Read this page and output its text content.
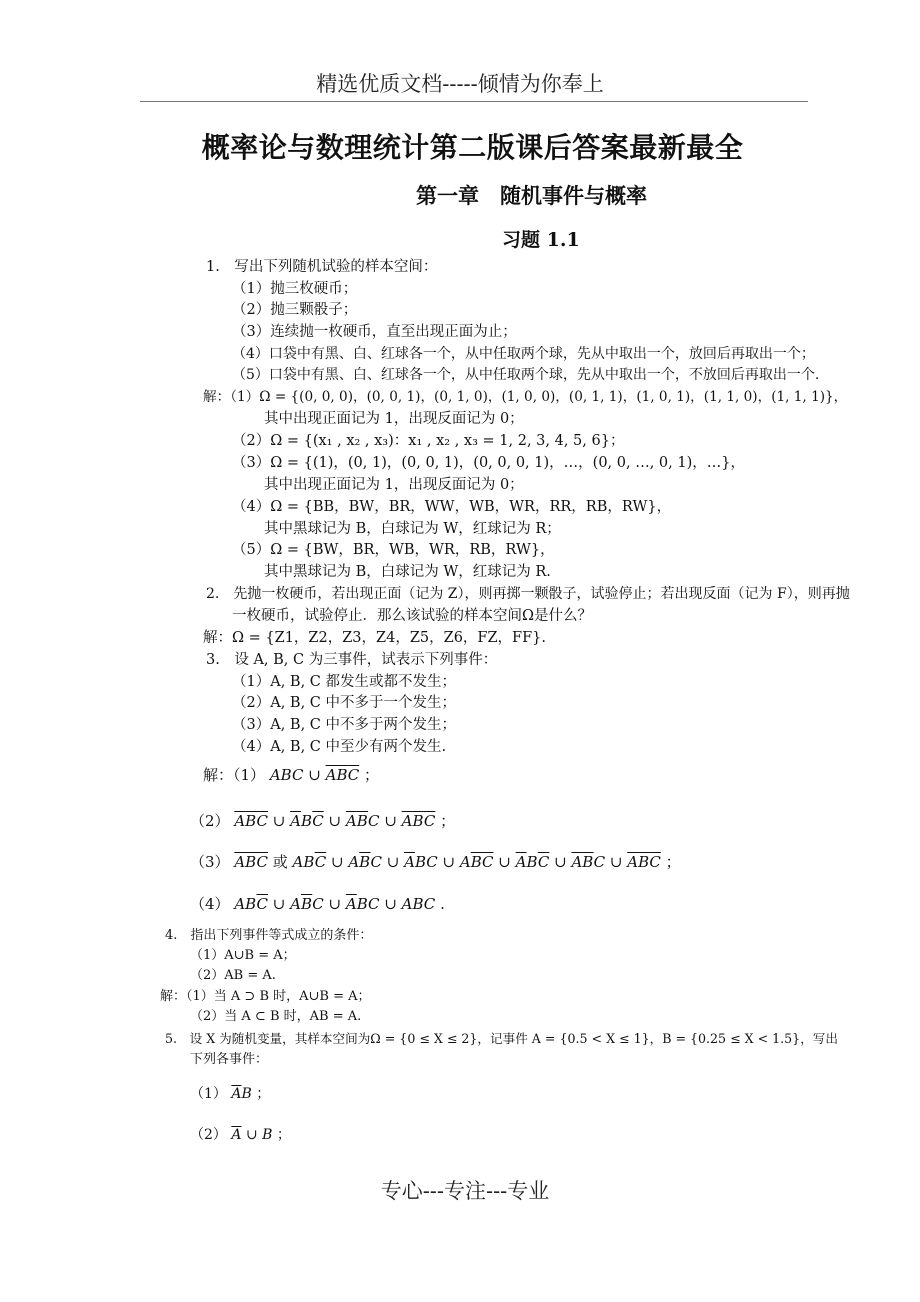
精选优质文档-----倾情为你奉上
概率论与数理统计第二版课后答案最新最全
第一章　随机事件与概率
习题 1.1
1.　写出下列随机试验的样本空间：
（1）抛三枚硬币；
（2）抛三颗骰子；
（3）连续抛一枚硬币，直至出现正面为止；
（4）口袋中有黑、白、红球各一个，从中任取两个球，先从中取出一个，放回后再取出一个；
（5）口袋中有黑、白、红球各一个，从中任取两个球，先从中取出一个，不放回后再取出一个.
解：（1）Ω = {(0, 0, 0)，(0, 0, 1)，(0, 1, 0)，(1, 0, 0)，(0, 1, 1)，(1, 0, 1)，(1, 1, 0)，(1, 1, 1)}，
其中出现正面记为 1，出现反面记为 0；
（2）Ω = {(x₁ , x₂ , x₃)：x₁ , x₂ , x₃ = 1, 2, 3, 4, 5, 6}；
（3）Ω = {(1)，(0, 1)，(0, 0, 1)，(0, 0, 0, 1)，…，(0, 0, …, 0, 1)，…}，
其中出现正面记为 1，出现反面记为 0；
（4）Ω = {BB，BW，BR，WW，WB，WR，RR，RB，RW}，
其中黑球记为 B，白球记为 W，红球记为 R；
（5）Ω = {BW，BR，WB，WR，RB，RW}，
其中黑球记为 B，白球记为 W，红球记为 R.
2.　先抛一枚硬币，若出现正面（记为 Z），则再掷一颗骰子，试验停止；若出现反面（记为 F），则再抛
一枚硬币，试验停止．那么该试验的样本空间Ω是什么？
解：Ω = {Z1，Z2，Z3，Z4，Z5，Z6，FZ，FF}.
3.　设 A, B, C 为三事件，试表示下列事件：
（1）A, B, C 都发生或都不发生；
（2）A, B, C 中不多于一个发生；
（3）A, B, C 中不多于两个发生；
（4）A, B, C 中至少有两个发生.
解：（1） ABC ∪ $\overline{A}\overline{B}\overline{C}$ ；
（2） $\overline{A}\overline{B}\overline{C}$ ∪ $\overline{A}B\overline{C}$ ∪ $\overline{A}\overline{B}C$ ∪ $\overline{A}\overline{B}\overline{C}$ ；
（3） $\overline{ABC}$ 或 $AB\overline{C}$ ∪ $A\overline{B}C$ ∪ $\overline{A}BC$ ∪ $A\overline{B}\overline{C}$ ∪ $\overline{A}B\overline{C}$ ∪ $\overline{A}\overline{B}C$ ∪ $\overline{A}\overline{B}\overline{C}$ ；
（4） $AB\overline{C}$ ∪ $A\overline{B}C$ ∪ $\overline{A}BC$ ∪ ABC .
4.　指出下列事件等式成立的条件：
（1）A∪B = A；
（2）AB = A.
解：（1）当 A ⊃ B 时，A∪B = A；
（2）当 A ⊂ B 时，AB = A.
5.　设 X 为随机变量，其样本空间为Ω = {0 ≤ X ≤ 2}，记事件 A = {0.5 < X ≤ 1}，B = {0.25 ≤ X < 1.5}，写出
下列各事件：
（1） $\overline{A}B$ ；
（2） $\overline{A}$ ∪ B ；
专心---专注---专业
